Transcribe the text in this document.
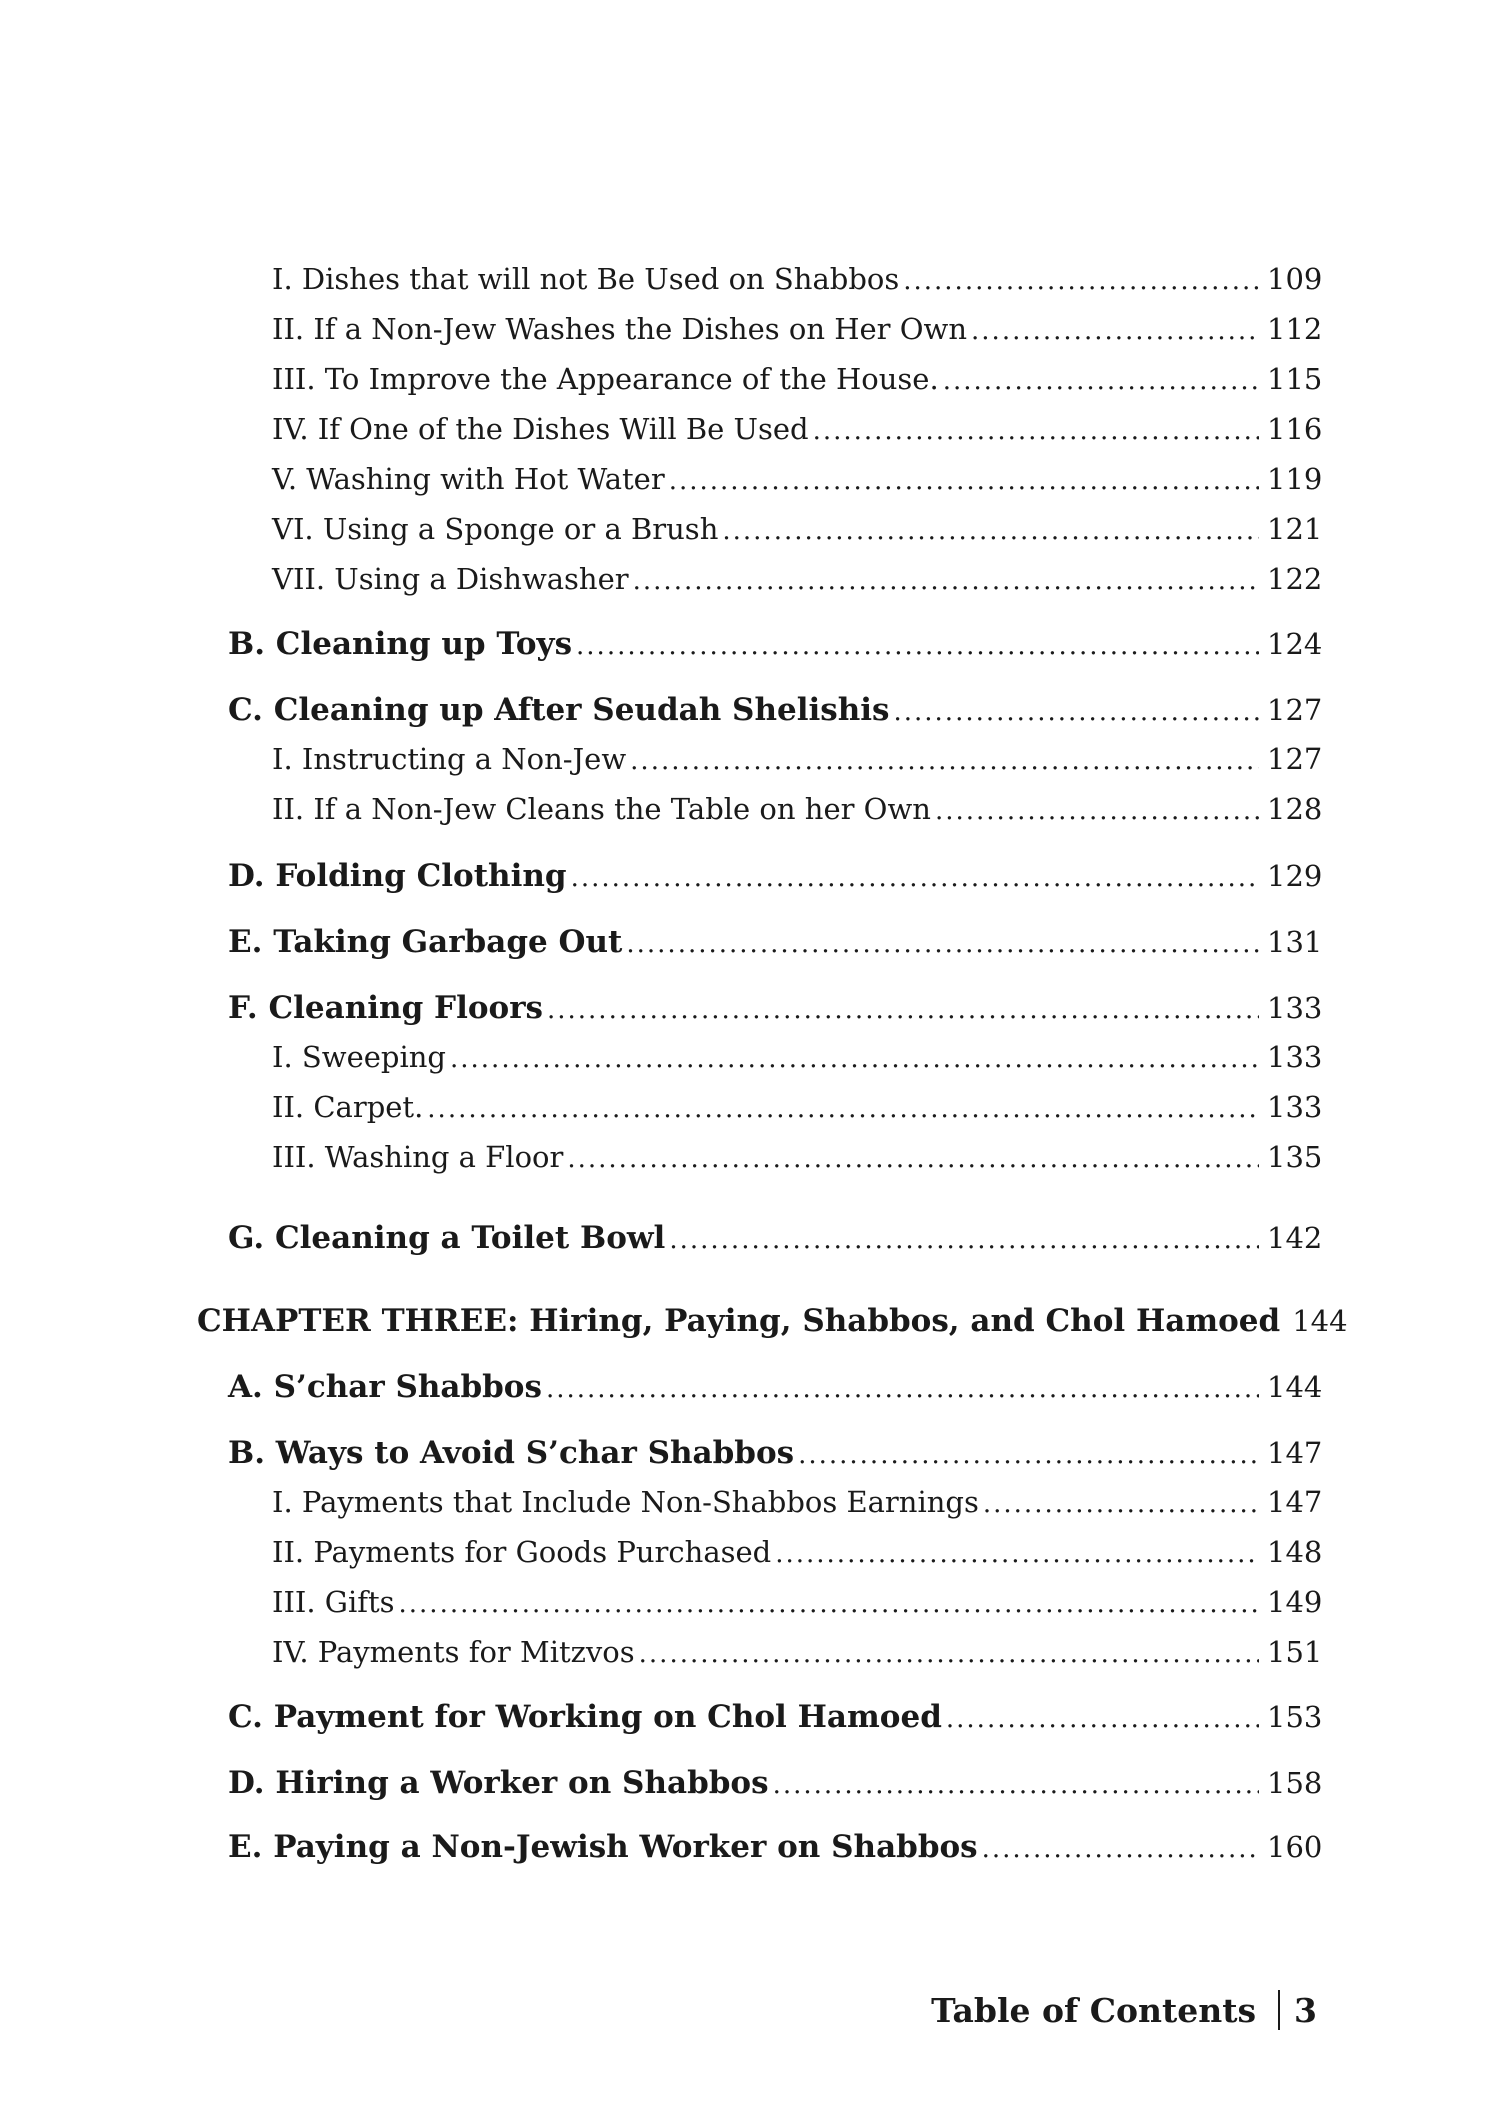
I. Dishes that will not Be Used on Shabbos .....	109
II. If a Non-Jew Washes the Dishes on Her Own .....	112
III. To Improve the Appearance of the House. .....	115
IV. If One of the Dishes Will Be Used .....	116
V. Washing with Hot Water .....	119
VI. Using a Sponge or a Brush .....	121
VII. Using a Dishwasher .....	122
B. Cleaning up Toys .....	124
C. Cleaning up After Seudah Shelishis .....	127
I. Instructing a Non-Jew .....	127
II. If a Non-Jew Cleans the Table on her Own .....	128
D. Folding Clothing .....	129
E. Taking Garbage Out .....	131
F. Cleaning Floors .....	133
I. Sweeping .....	133
II. Carpet. .....	133
III. Washing a Floor .....	135
G. Cleaning a Toilet Bowl .....	142
CHAPTER THREE: Hiring, Paying, Shabbos, and Chol Hamoed 144
A. S’char Shabbos .....	144
B. Ways to Avoid S’char Shabbos .....	147
I. Payments that Include Non-Shabbos Earnings .....	147
II. Payments for Goods Purchased .....	148
III. Gifts .....	149
IV. Payments for Mitzvos .....	151
C. Payment for Working on Chol Hamoed .....	153
D. Hiring a Worker on Shabbos .....	158
E. Paying a Non-Jewish Worker on Shabbos .....	160
Table of Contents 3
